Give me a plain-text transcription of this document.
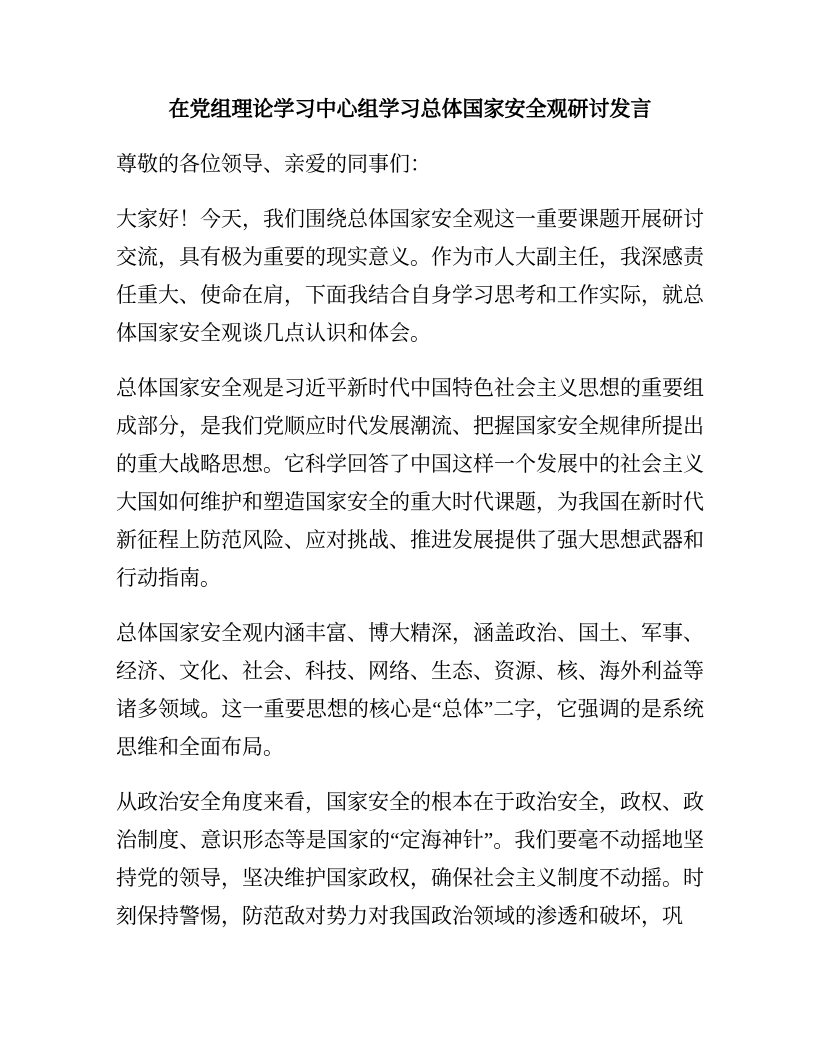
在党组理论学习中心组学习总体国家安全观研讨发言

尊敬的各位领导、亲爱的同事们：

大家好！今天，我们围绕总体国家安全观这一重要课题开展研讨交流，具有极为重要的现实意义。作为市人大副主任，我深感责任重大、使命在肩，下面我结合自身学习思考和工作实际，就总体国家安全观谈几点认识和体会。

总体国家安全观是习近平新时代中国特色社会主义思想的重要组成部分，是我们党顺应时代发展潮流、把握国家安全规律所提出的重大战略思想。它科学回答了中国这样一个发展中的社会主义大国如何维护和塑造国家安全的重大时代课题，为我国在新时代新征程上防范风险、应对挑战、推进发展提供了强大思想武器和行动指南。

总体国家安全观内涵丰富、博大精深，涵盖政治、国土、军事、经济、文化、社会、科技、网络、生态、资源、核、海外利益等诸多领域。这一重要思想的核心是“总体”二字，它强调的是系统思维和全面布局。

从政治安全角度来看，国家安全的根本在于政治安全，政权、政治制度、意识形态等是国家的“定海神针”。我们要毫不动摇地坚持党的领导，坚决维护国家政权，确保社会主义制度不动摇。时刻保持警惕，防范敌对势力对我国政治领域的渗透和破坏，巩
